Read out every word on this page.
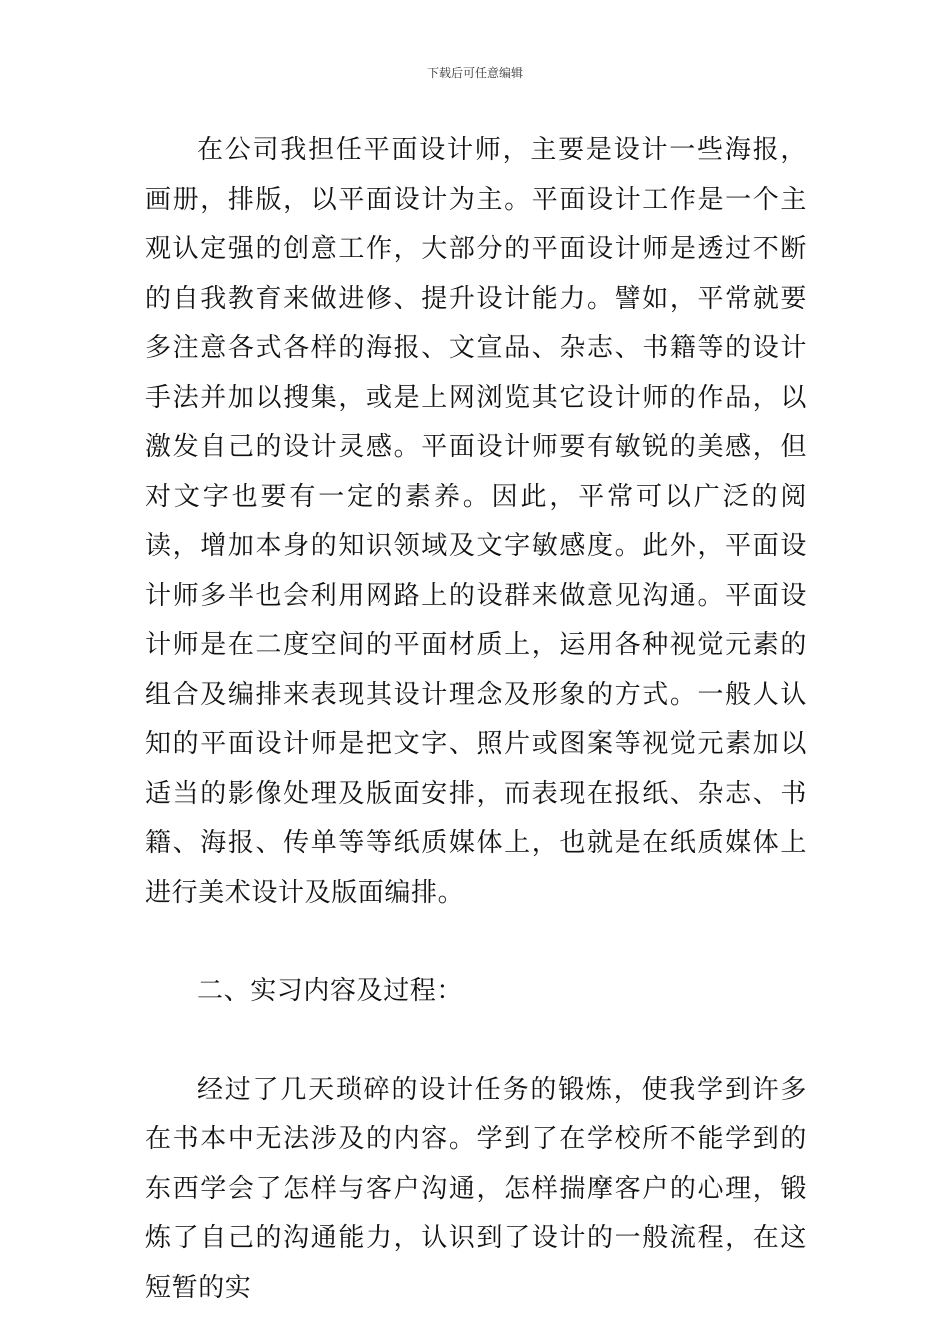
下载后可任意编辑

在公司我担任平面设计师，主要是设计一些海报，画册，排版，以平面设计为主。平面设计工作是一个主观认定强的创意工作，大部分的平面设计师是透过不断的自我教育来做进修、提升设计能力。譬如，平常就要多注意各式各样的海报、文宣品、杂志、书籍等的设计手法并加以搜集，或是上网浏览其它设计师的作品，以激发自己的设计灵感。平面设计师要有敏锐的美感，但对文字也要有一定的素养。因此，平常可以广泛的阅读，增加本身的知识领域及文字敏感度。此外，平面设计师多半也会利用网路上的设群来做意见沟通。平面设计师是在二度空间的平面材质上，运用各种视觉元素的组合及编排来表现其设计理念及形象的方式。一般人认知的平面设计师是把文字、照片或图案等视觉元素加以适当的影像处理及版面安排，而表现在报纸、杂志、书籍、海报、传单等等纸质媒体上，也就是在纸质媒体上进行美术设计及版面编排。

二、实习内容及过程：

经过了几天琐碎的设计任务的锻炼，使我学到许多在书本中无法涉及的内容。学到了在学校所不能学到的东西学会了怎样与客户沟通，怎样揣摩客户的心理，锻炼了自己的沟通能力，认识到了设计的一般流程，在这短暂的实
